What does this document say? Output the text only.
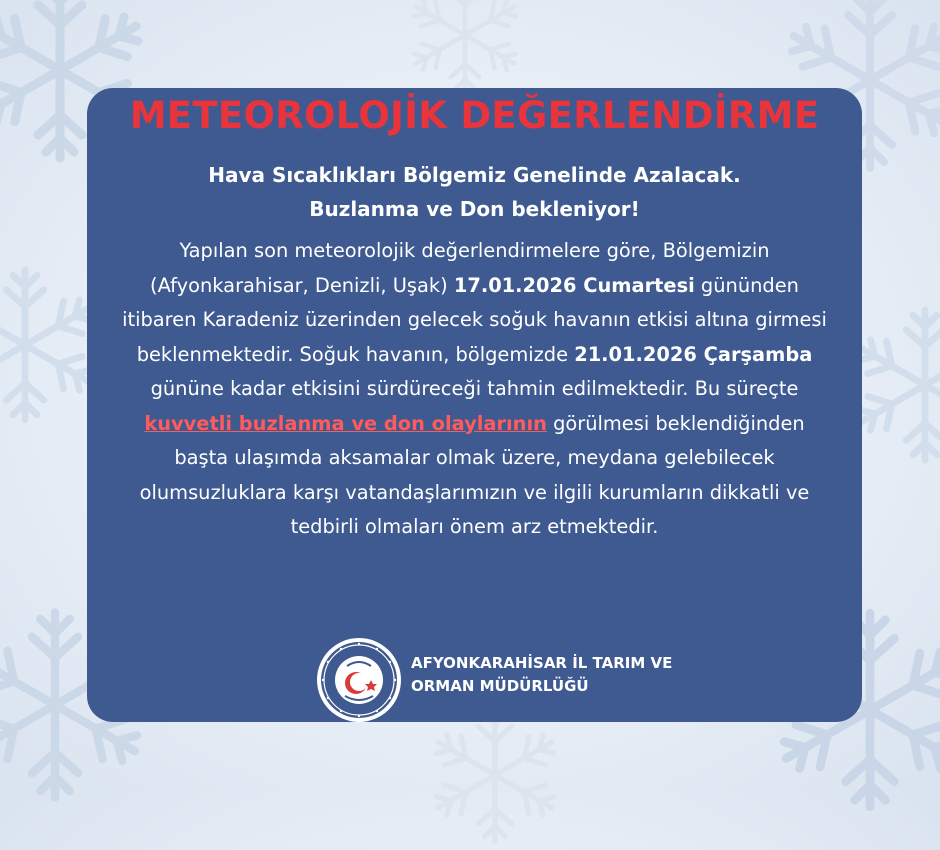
METEOROLOJİK DEĞERLENDİRME
Hava Sıcaklıkları Bölgemiz Genelinde Azalacak.
Buzlanma ve Don bekleniyor!
Yapılan son meteorolojik değerlendirmelere göre, Bölgemizin (Afyonkarahisar, Denizli, Uşak) 17.01.2026 Cumartesi gününden itibaren Karadeniz üzerinden gelecek soğuk havanın etkisi altına girmesi beklenmektedir. Soğuk havanın, bölgemizde 21.01.2026 Çarşamba gününe kadar etkisini sürdüreceği tahmin edilmektedir. Bu süreçte kuvvetli buzlanma ve don olaylarının görülmesi beklendiğinden başta ulaşımda aksamalar olmak üzere, meydana gelebilecek olumsuzluklara karşı vatandaşlarımızın ve ilgili kurumların dikkatli ve tedbirli olmaları önem arz etmektedir.
AFYONKARAHİSAR İL TARIM VE
ORMAN MÜDÜRLÜĞÜ
